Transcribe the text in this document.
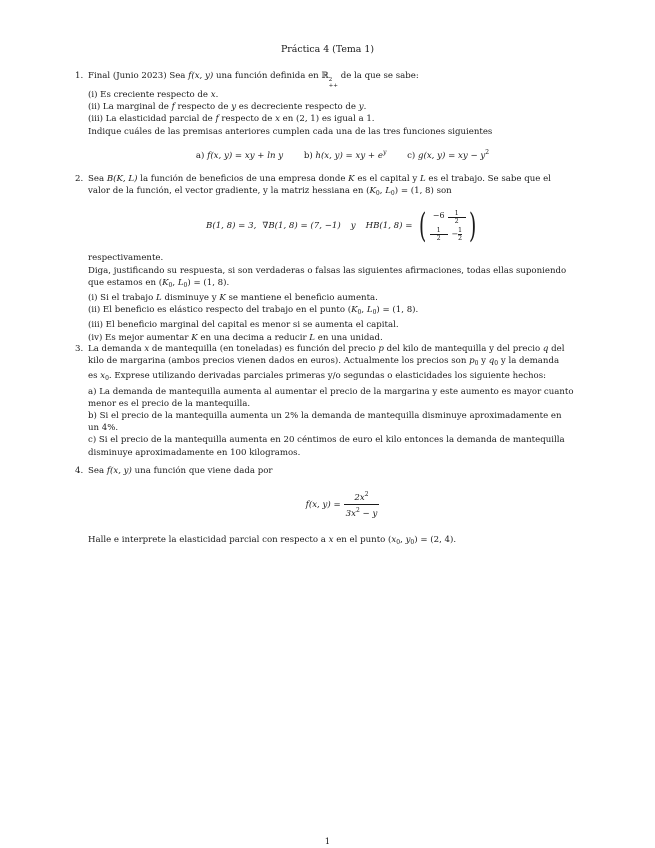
Práctica 4 (Tema 1)
1. Final (Junio 2023) Sea f(x, y) una función definida en ℝ 2
++
de la que se sabe:
(i) Es creciente respecto de x.
(ii) La marginal de f respecto de y es decreciente respecto de y.
(iii) La elasticidad parcial de f respecto de x en (2, 1) es igual a 1.
Indique cuáles de las premisas anteriores cumplen cada una de las tres funciones siguientes
a) f(x, y) = xy + ln y b) h(x, y) = xy + $e^y$ c) g(x, y) = xy − $y^2$
2. Sea B(K, L) la función de beneficios de una empresa donde K es el capital y L es el trabajo. Se sabe que el
valor de la función, el vector gradiente, y la matriz hessiana en ($K_0$, $L_0) = (1$, 8) son
B(1, 8) = 3, ∇B(1, 8) = (7, −1) y HB(1, 8) = ( $-6 \frac{1}{2}$
$\frac{1}{2} - \frac{1}{2}$ )
respectivamente.
Diga, justificando su respuesta, si son verdaderas o falsas las siguientes afirmaciones, todas ellas suponiendo
que estamos en ($K_0$, $L_0) = (1$, 8).
(i) Si el trabajo L disminuye y K se mantiene el beneficio aumenta.
(ii) El beneficio es elástico respecto del trabajo en el punto ($K_0$, $L_0) = (1$, 8).
(iii) El beneficio marginal del capital es menor si se aumenta el capital.
(iv) Es mejor aumentar K en una decima a reducir L en una unidad.
3. La demanda x de mantequilla (en toneladas) es función del precio p del kilo de mantequilla y del precio q del
kilo de margarina (ambos precios vienen dados en euros). Actualmente los precios son $p_0$ y $q_0$ y la demanda
es $x_0$. Exprese utilizando derivadas parciales primeras y/o segundas o elasticidades los siguiente hechos:
a) La demanda de mantequilla aumenta al aumentar el precio de la margarina y este aumento es mayor cuanto
menor es el precio de la mantequilla.
b) Si el precio de la mantequilla aumenta un 2% la demanda de mantequilla disminuye aproximadamente en
un 4%.
c) Si el precio de la mantequilla aumenta en 20 céntimos de euro el kilo entonces la demanda de mantequilla
disminuye aproximadamente en 100 kilogramos.
4. Sea f(x, y) una función que viene dada por
f(x, y) =
$2x^2$
$3x^2 - y$
Halle e interprete la elasticidad parcial con respecto a x en el punto ($x_0$, $y_0) = (2$, 4).
1
